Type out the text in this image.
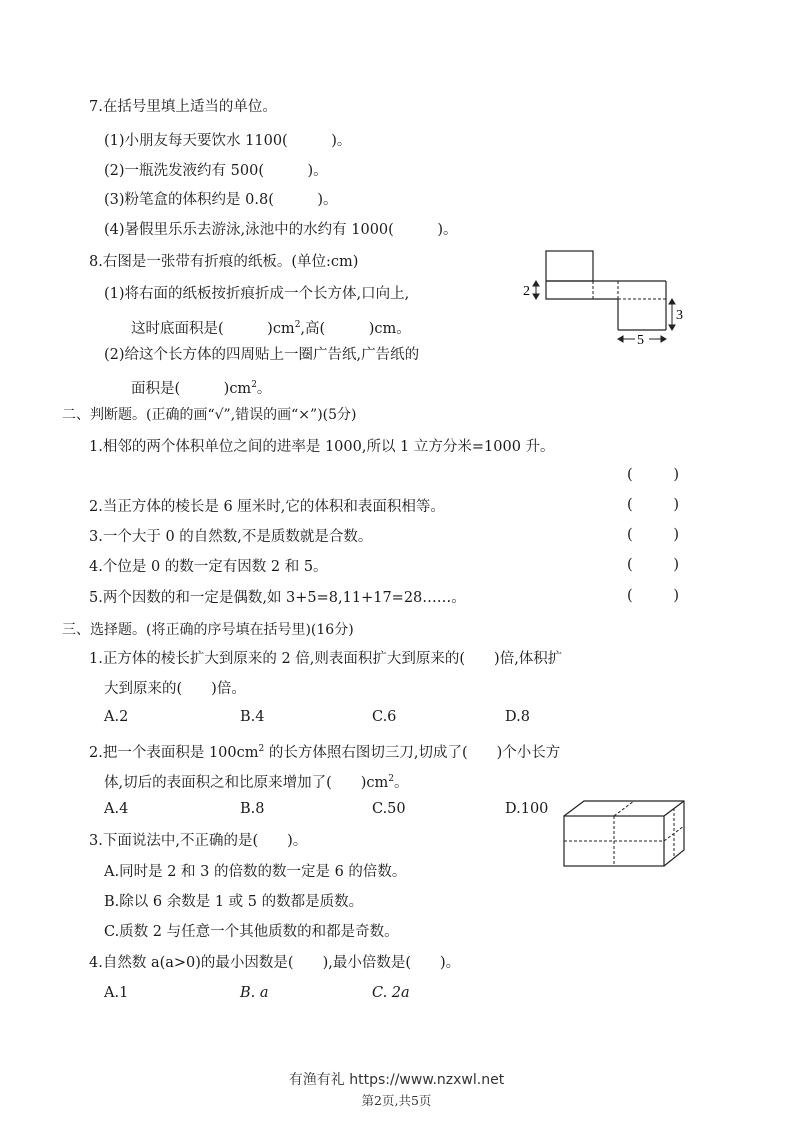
7.在括号里填上适当的单位。
(1)小朋友每天要饮水 1100(　　　)。
(2)一瓶洗发液约有 500(　　　)。
(3)粉笔盒的体积约是 0.8(　　　)。
(4)暑假里乐乐去游泳,泳池中的水约有 1000(　　　)。
8.右图是一张带有折痕的纸板。(单位:cm)
(1)将右面的纸板按折痕折成一个长方体,口向上,
这时底面积是(　　　)$cm^2$,高(　　　)cm。
(2)给这个长方体的四周贴上一圈广告纸,广告纸的
面积是(　　　)$cm^2$。
2
3
5
二、判断题。(正确的画“√”,错误的画“×”)(5分)
1.相邻的两个体积单位之间的进率是 1000,所以 1 立方分米=1000 升。
(	)
2.当正方体的棱长是 6 厘米时,它的体积和表面积相等。	(	)
3.一个大于 0 的自然数,不是质数就是合数。	(	)
4.个位是 0 的数一定有因数 2 和 5。	(	)
5.两个因数的和一定是偶数,如 3+5=8,11+17=28……。	(	)
三、选择题。(将正确的序号填在括号里)(16分)
1.正方体的棱长扩大到原来的 2 倍,则表面积扩大到原来的(　　)倍,体积扩
大到原来的(　　)倍。
A.2	B.4	C.6	D.8
2.把一个表面积是 $100cm^2$ 的长方体照右图切三刀,切成了(　　)个小长方
体,切后的表面积之和比原来增加了(　　)$cm^2$。
A.4	B.8	C.50	D.100
3.下面说法中,不正确的是(　　)。
A.同时是 2 和 3 的倍数的数一定是 6 的倍数。
B.除以 6 余数是 1 或 5 的数都是质数。
C.质数 2 与任意一个其他质数的和都是奇数。
4.自然数 a(a>0)的最小因数是(　　),最小倍数是(　　)。
A.1	B. a	C. 2a
有渔有礼 https://www.nzxwl.net
第2页,共5页
